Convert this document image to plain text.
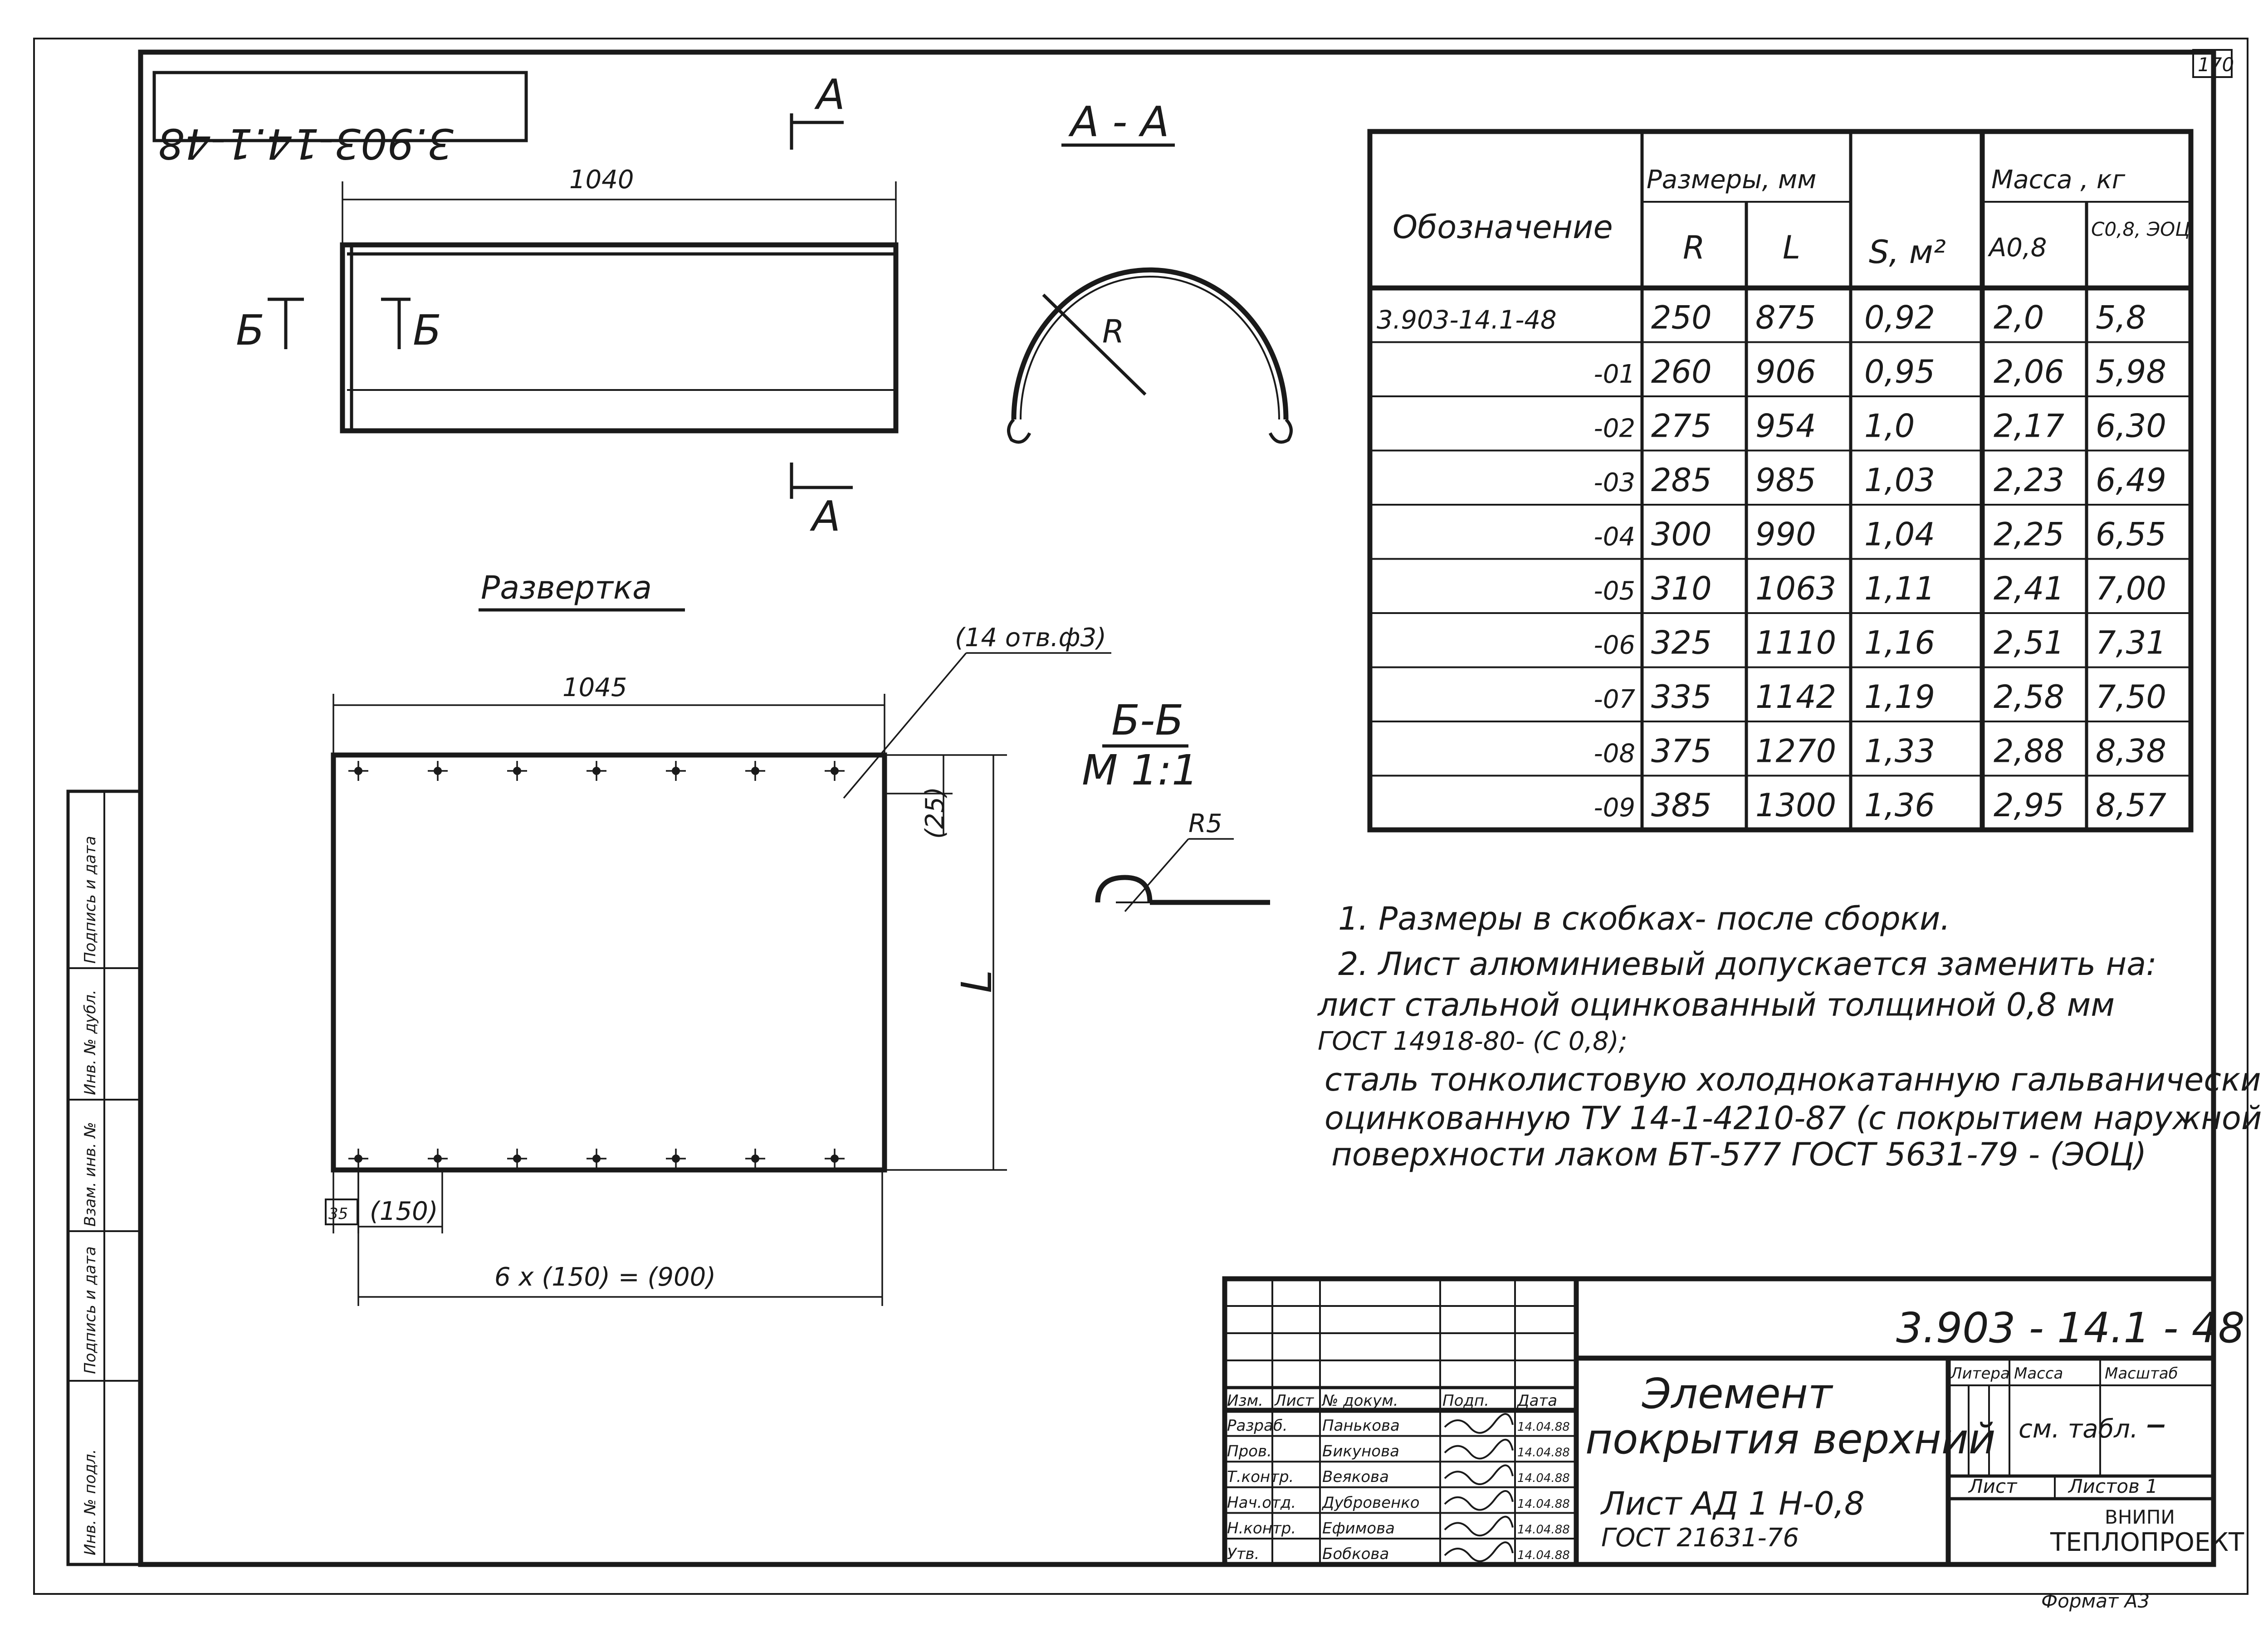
170
3.903-14.1-48
Инв. № подл.
Подпись и дата
Взам. инв. №
Инв. № дубл.
Подпись и дата
1040
А
А
Б	Б
А - А
R
Развертка
1045
(14 отв.ф3)
(25)
L
35 (150)
6 x (150) = (900)
Б-Б
М 1:1
R5
Обозначение
Размеры, мм
R L S, м²
Масса , кг
А0,8
С0,8, ЭОЦ
3.903-14.1-48	250 875 0,92 2,0 5,8
-01 260 906 0,95 2,06 5,98
-02 275 954 1,0 2,17 6,30
-03 285 985 1,03 2,23 6,49
-04 300 990 1,04 2,25 6,55
-05 310 1063 1,11 2,41 7,00
-06 325 1110 1,16 2,51 7,31
-07 335 1142 1,19 2,58 7,50
-08 375 1270 1,33 2,88 8,38
-09 385 1300 1,36 2,95 8,57
1. Размеры в скобках- после сборки.
2. Лист алюминиевый допускается заменить на:
лист стальной оцинкованный толщиной 0,8 мм
ГОСТ 14918-80- (С 0,8);
сталь тонколистовую холоднокатанную гальванически
оцинкованную ТУ 14-1-4210-87 (с покрытием наружной
поверхности лаком БТ-577 ГОСТ 5631-79 - (ЭОЦ)
3.903 - 14.1 - 48
Элемент
покрытия верхний
Лист АД 1 Н-0,8
ГОСТ 21631-76
Литера Масса	Масштаб
см. табл. –
Лист	Листов 1
ВНИПИ
ТЕПЛОПРОЕКТ
Изм. Лист № докум.	Подп. Дата
Разраб. Панькова	14.04.88
Пров.	Бикунова	14.04.88
Т.контр. Веякова	14.04.88
Нач.отд. Дубровенко	14.04.88
Н.контр. Ефимова	14.04.88
Утв.	Бобкова	14.04.88
Формат А3
